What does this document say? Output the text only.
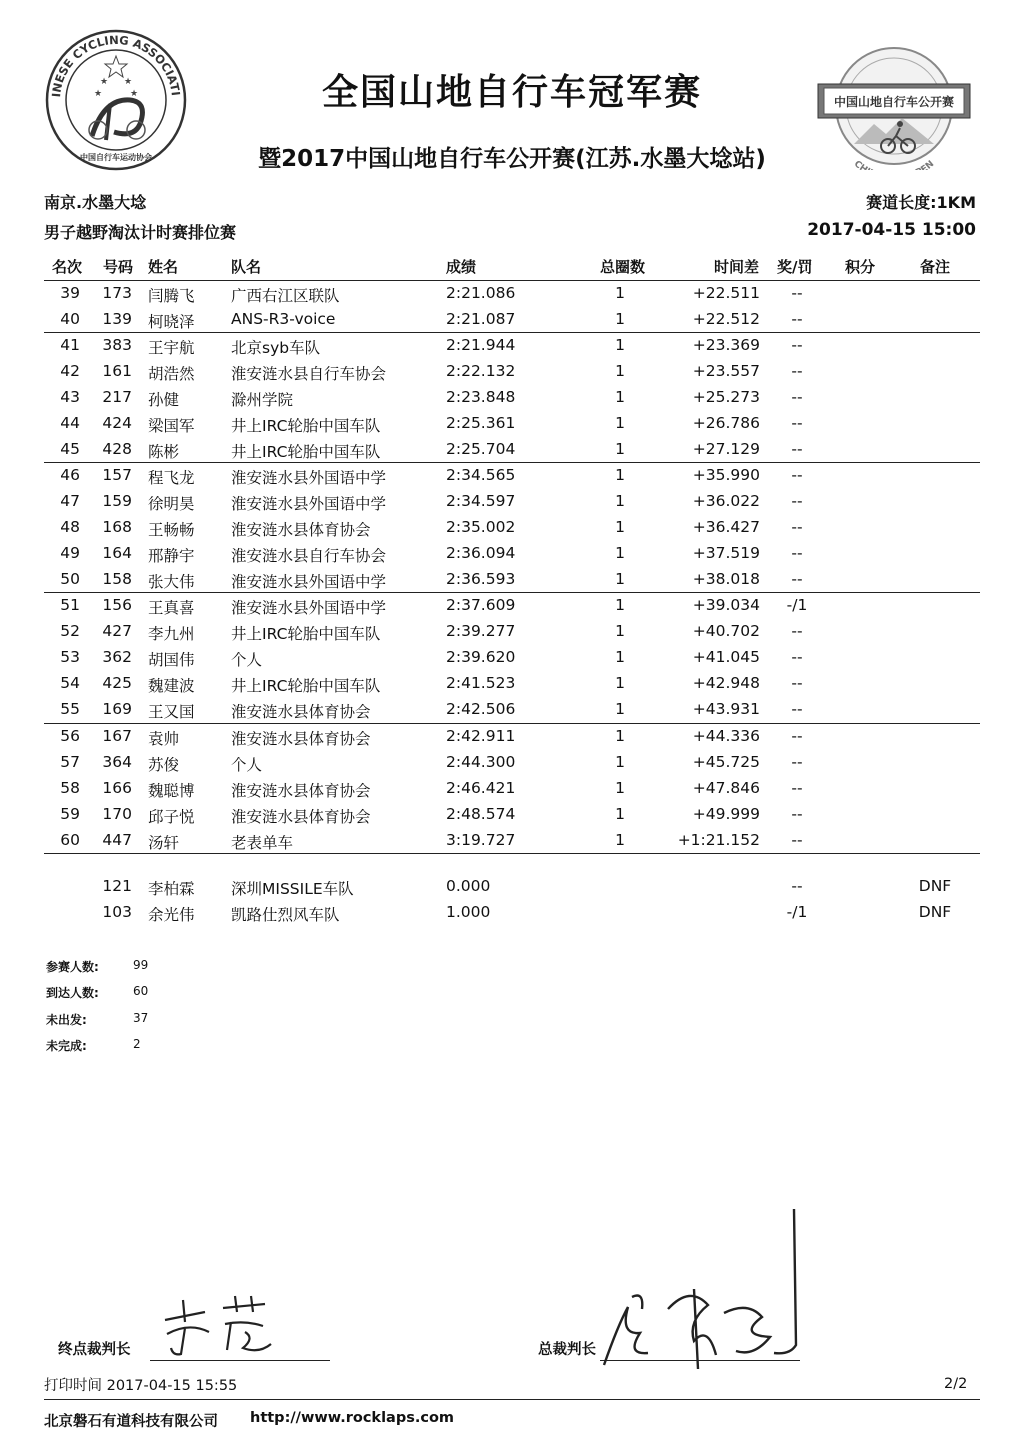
INESE CYCLING ASSOCIATI
★ ★
★	★
中国自行车运动协会
中国山地自行车公开赛
CH EN
全国山地自行车冠军赛
暨2017中国山地自行车公开赛(江苏.水墨大埝站)
南京.水墨大埝	赛道长度:1KM
男子越野淘汰计时赛排位赛	2017-04-15 15:00
名次 号码 姓名	队名	成绩	总圈数	时间差 奖/罚 积分	备注
39 173 闫腾飞 广西右江区联队	2:21.086	1	+22.511	--
40 139 柯晓泽 ANS-R3-voice	2:21.087	1	+22.512	--
41 383 王宇航 北京syb车队	2:21.944	1	+23.369	--
42 161 胡浩然 淮安涟水县自行车协会	2:22.132	1	+23.557	--
43 217 孙健	滁州学院	2:23.848	1	+25.273	--
44 424 梁国军 井上IRC轮胎中国车队	2:25.361	1	+26.786	--
45 428 陈彬	井上IRC轮胎中国车队	2:25.704	1	+27.129	--
46 157 程飞龙 淮安涟水县外国语中学	2:34.565	1	+35.990	--
47 159 徐明昊 淮安涟水县外国语中学	2:34.597	1	+36.022	--
48 168 王畅畅 淮安涟水县体育协会	2:35.002	1	+36.427	--
49 164 邢静宇 淮安涟水县自行车协会	2:36.094	1	+37.519	--
50 158 张大伟 淮安涟水县外国语中学	2:36.593	1	+38.018	--
51 156 王真喜 淮安涟水县外国语中学	2:37.609	1	+39.034	-/1
52 427 李九州 井上IRC轮胎中国车队	2:39.277	1	+40.702	--
53 362 胡国伟 个人	2:39.620	1	+41.045	--
54 425 魏建波 井上IRC轮胎中国车队	2:41.523	1	+42.948	--
55 169 王又国 淮安涟水县体育协会	2:42.506	1	+43.931	--
56 167 袁帅	淮安涟水县体育协会	2:42.911	1	+44.336	--
57 364 苏俊	个人	2:44.300	1	+45.725	--
58 166 魏聪博 淮安涟水县体育协会	2:46.421	1	+47.846	--
59 170 邱子悦 淮安涟水县体育协会	2:48.574	1	+49.999	--
60 447 汤轩	老表单车	3:19.727	1	+1:21.152	--
121 李柏霖 深圳MISSILE车队	0.000	--	DNF
103 余光伟 凯路仕烈风车队	1.000	-/1	DNF
参赛人数:	99
到达人数:	60
未出发:	37
未完成:	2
终点裁判长	总裁判长
打印时间 2017-04-15 15:55	2/2
北京磐石有道科技有限公司 http://www.rocklaps.com
